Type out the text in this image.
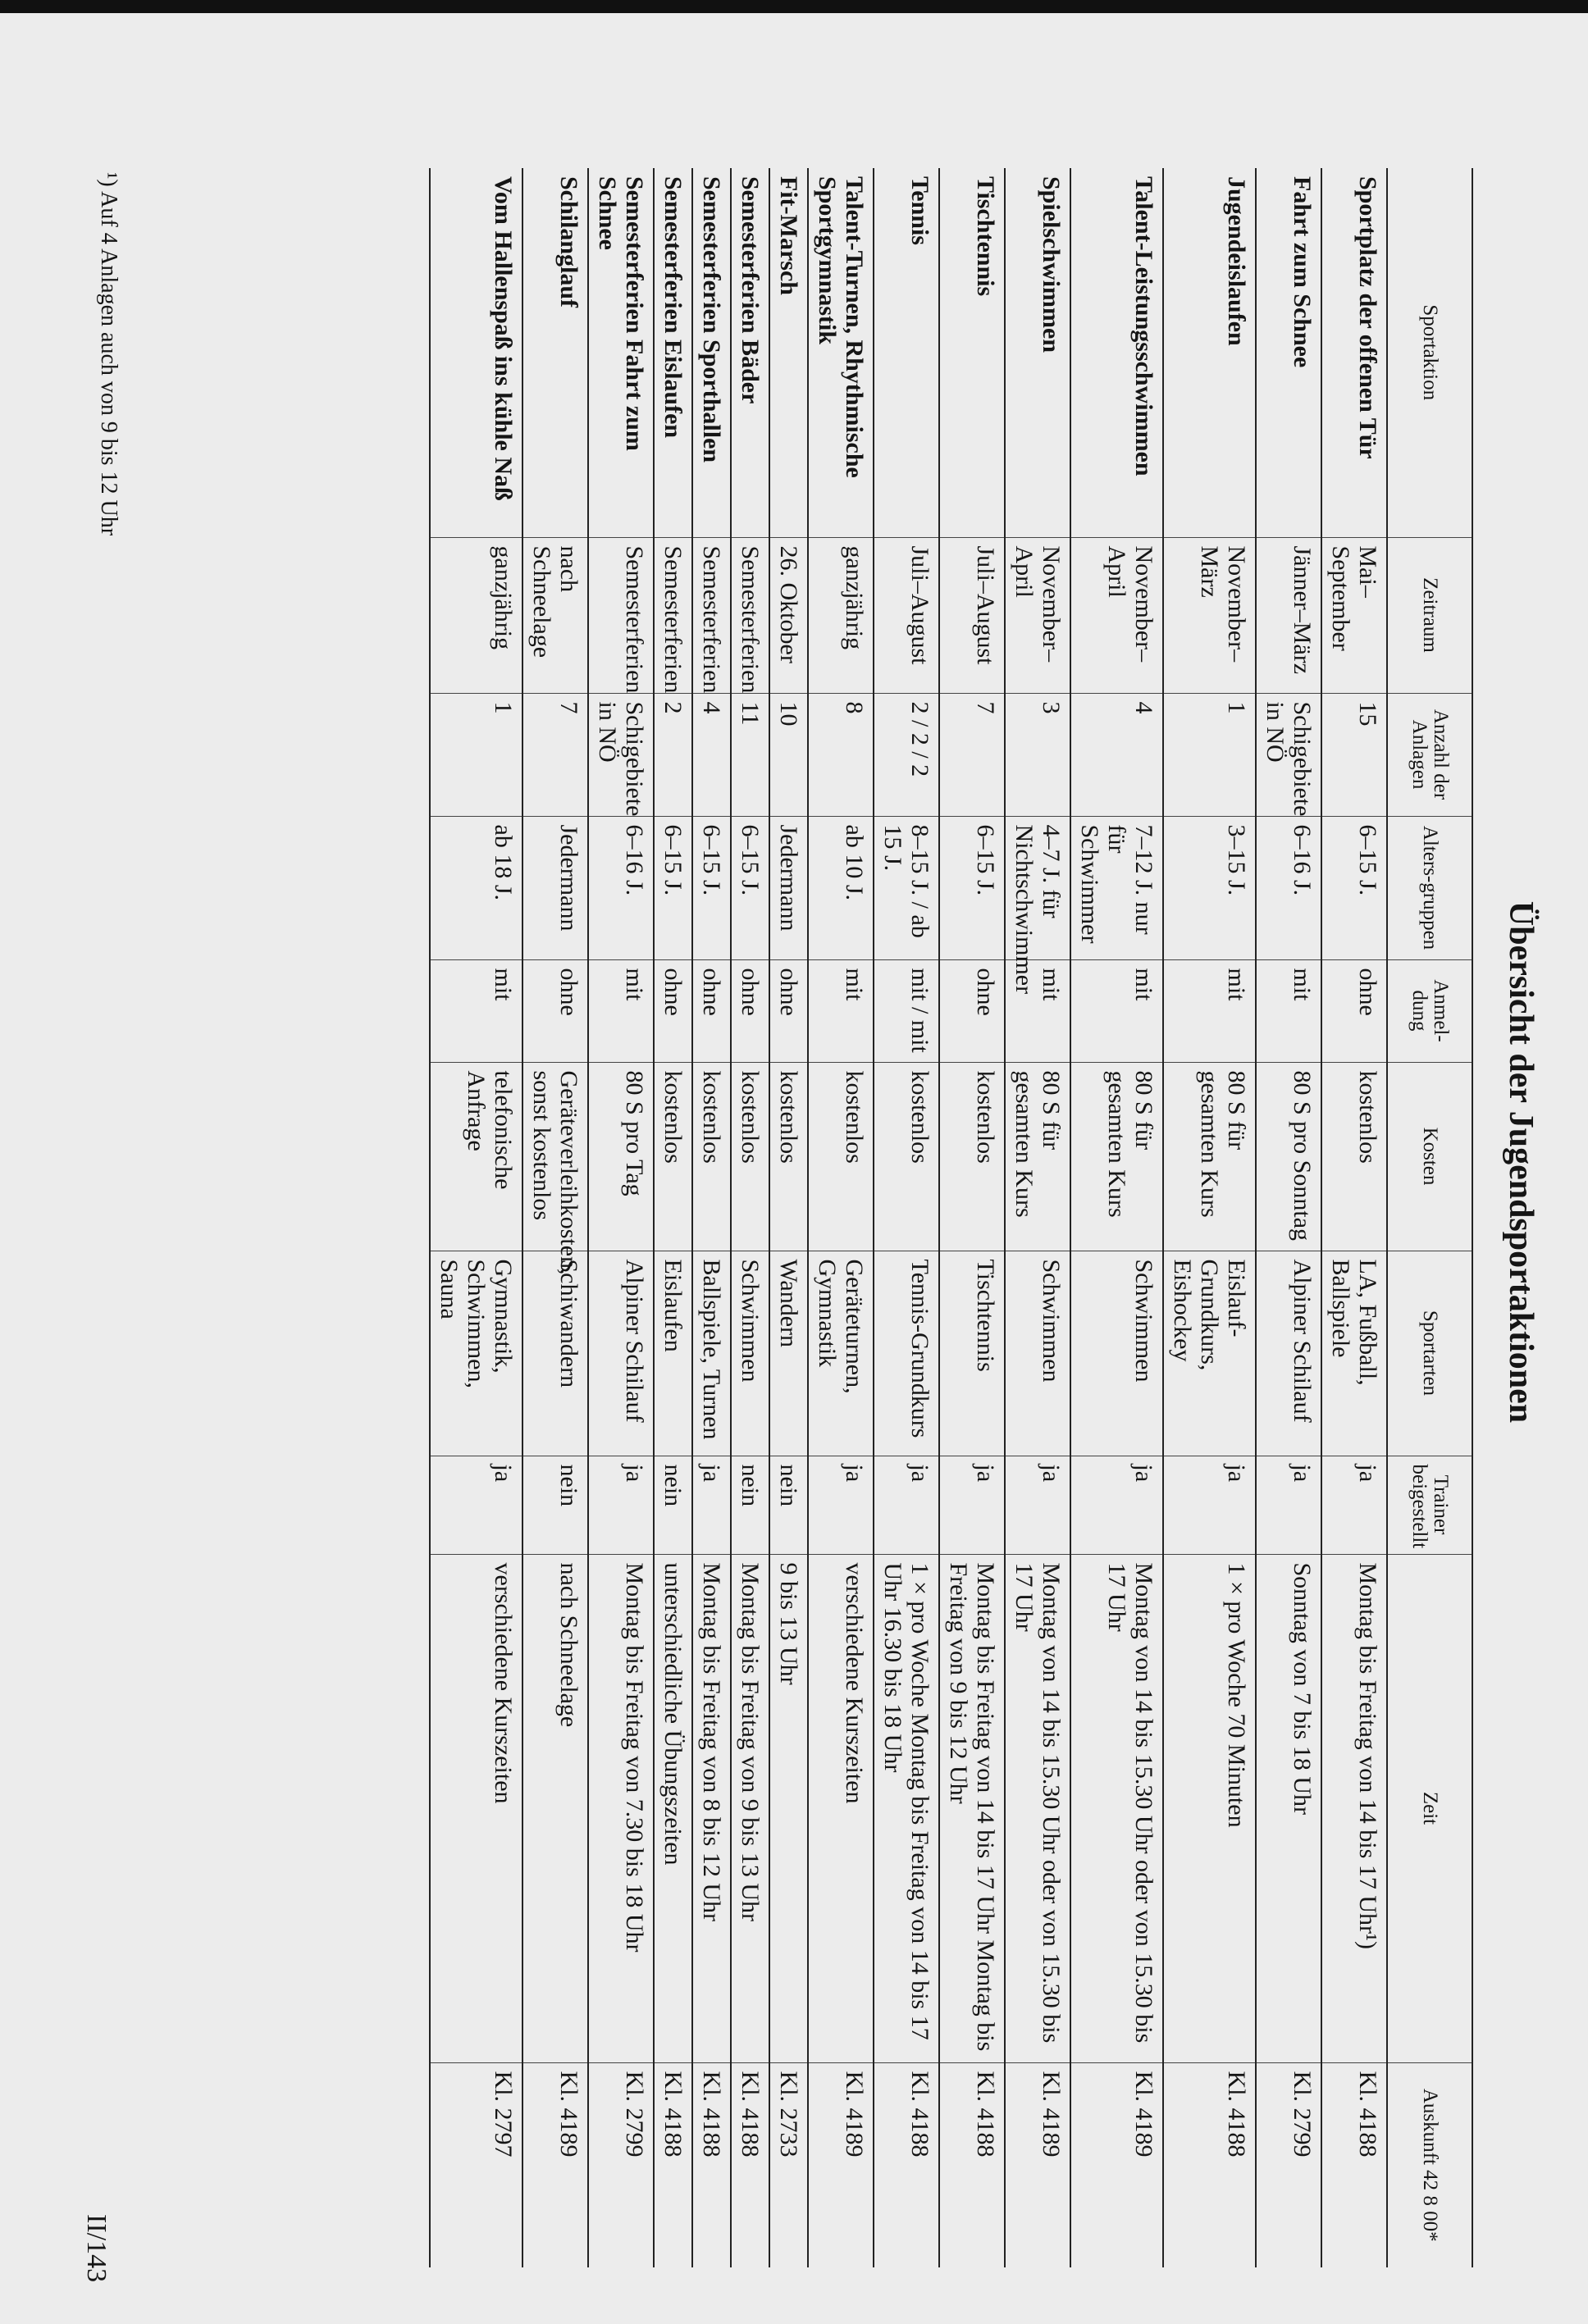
Übersicht der Jugendsportaktionen
Sportaktion	Zeitraum	Anzahl der Anlagen	Alters-gruppen	Anmel-dung	Kosten	Sportarten	Trainer beigestellt	Zeit	Auskunft 42 8 00*
Sportplatz der offenen Tür	Mai–September	15	6–15 J.	ohne	kostenlos	LA, Fußball, Ballspiele	ja	Montag bis Freitag von 14 bis 17 Uhr¹)	Kl. 4188
Fahrt zum Schnee	Jänner–März	Schigebiete in NÖ	6–16 J.	mit	80 S pro Sonntag	Alpiner Schilauf	ja	Sonntag von 7 bis 18 Uhr	Kl. 2799
Jugendeislaufen	November–März	1	3–15 J.	mit	80 S für gesamten Kurs	Eislauf-Grundkurs, Eishockey	ja	1 × pro Woche 70 Minuten	Kl. 4188
Talent-Leistungsschwimmen	November–April	4	7–12 J. nur für Schwimmer	mit	80 S für gesamten Kurs	Schwimmen	ja	Montag von 14 bis 15.30 Uhr oder von 15.30 bis 17 Uhr	Kl. 4189
Spielschwimmen	November–April	3	4–7 J. für Nichtschwimmer	mit	80 S für gesamten Kurs	Schwimmen	ja	Montag von 14 bis 15.30 Uhr oder von 15.30 bis 17 Uhr	Kl. 4189
Tischtennis	Juli–August	7	6–15 J.	ohne	kostenlos	Tischtennis	ja	Montag bis Freitag von 14 bis 17 Uhr Montag bis Freitag von 9 bis 12 Uhr	Kl. 4188
Tennis	Juli–August	2 / 2 / 2	8–15 J. / ab 15 J.	mit / mit	kostenlos	Tennis-Grundkurs	ja	1 × pro Woche Montag bis Freitag von 14 bis 17 Uhr 16.30 bis 18 Uhr	Kl. 4188
Talent-Turnen, Rhythmische Sportgymnastik	ganzjährig	8	ab 10 J.	mit	kostenlos	Geräteturnen, Gymnastik	ja	verschiedene Kurszeiten	Kl. 4189
Fit-Marsch	26. Oktober	10	Jedermann	ohne	kostenlos	Wandern	nein	9 bis 13 Uhr	Kl. 2733
Semesterferien Bäder	Semesterferien	11	6–15 J.	ohne	kostenlos	Schwimmen	nein	Montag bis Freitag von 9 bis 13 Uhr	Kl. 4188
Semesterferien Sporthallen	Semesterferien	4	6–15 J.	ohne	kostenlos	Ballspiele, Turnen	ja	Montag bis Freitag von 8 bis 12 Uhr	Kl. 4188
Semesterferien Eislaufen	Semesterferien	2	6–15 J.	ohne	kostenlos	Eislaufen	nein	unterschiedliche Übungszeiten	Kl. 4188
Semesterferien Fahrt zum Schnee	Semesterferien	Schigebiete in NÖ	6–16 J.	mit	80 S pro Tag	Alpiner Schilauf	ja	Montag bis Freitag von 7.30 bis 18 Uhr	Kl. 2799
Schilanglauf	nach Schneelage	7	Jedermann	ohne	Geräteverleihkosten, sonst kostenlos	Schiwandern	nein	nach Schneelage	Kl. 4189
Vom Hallenspaß ins kühle Naß	ganzjährig	1	ab 18 J.	mit	telefonische Anfrage	Gymnastik, Schwimmen, Sauna	ja	verschiedene Kurszeiten	Kl. 2797
¹) Auf 4 Anlagen auch von 9 bis 12 Uhr
II/143
